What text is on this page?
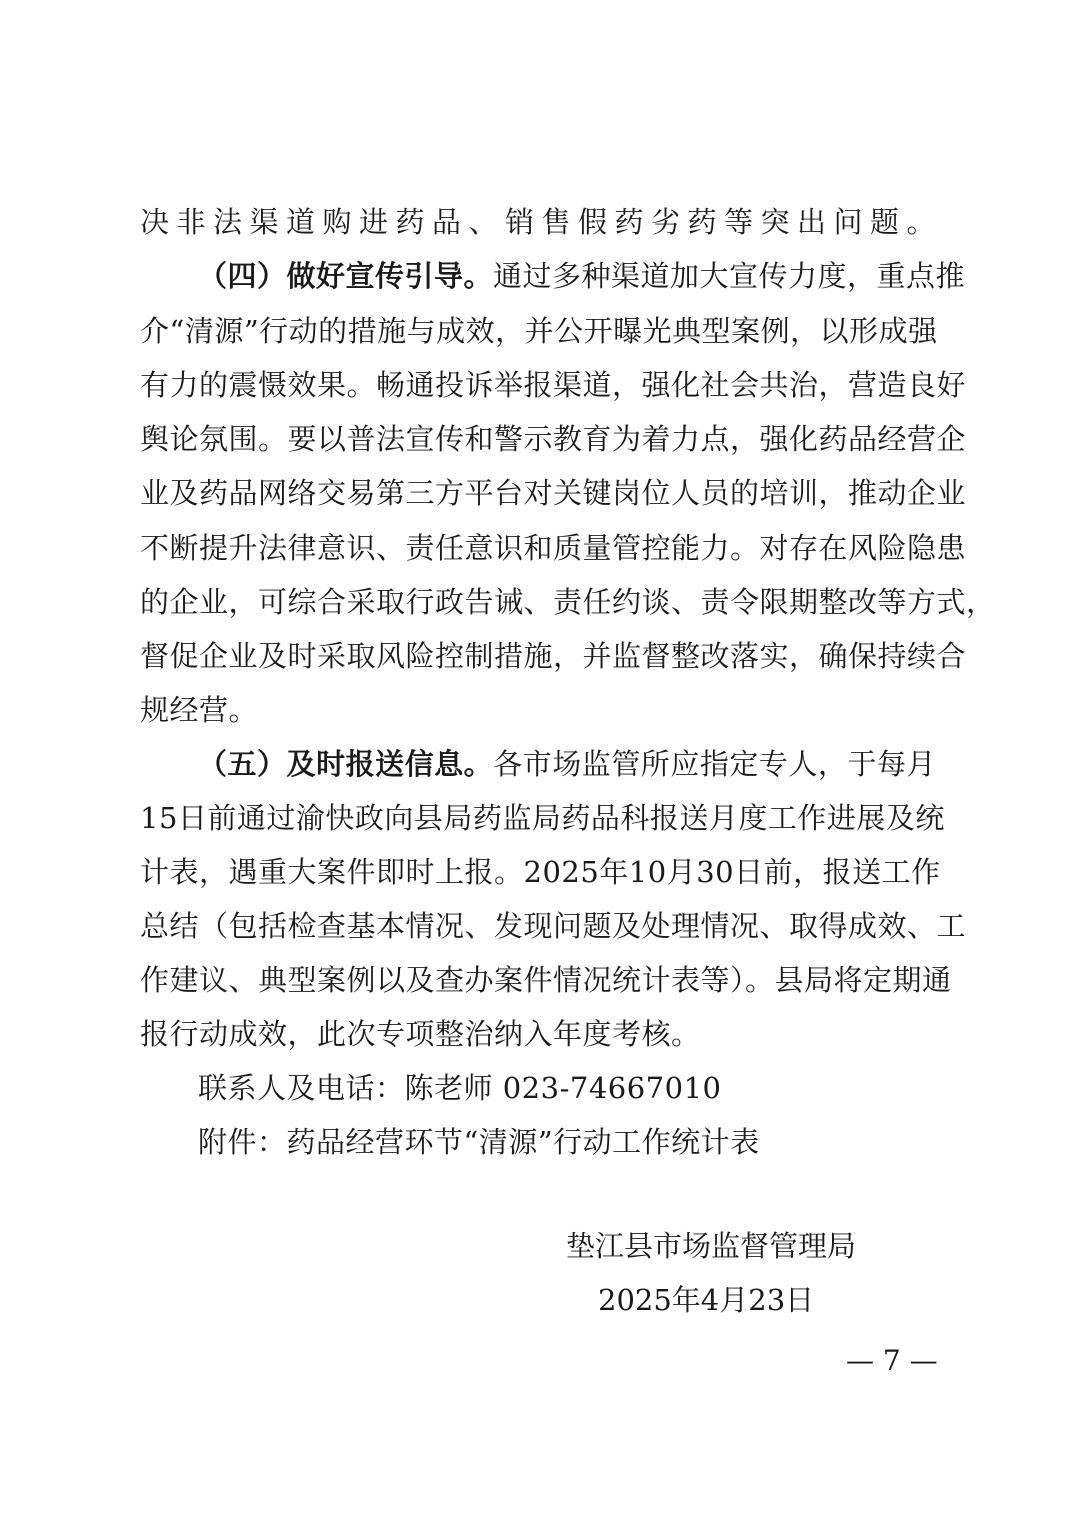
决非法渠道购进药品、销售假药劣药等突出问题。
（四）做好宣传引导。通过多种渠道加大宣传力度，重点推
介“清源”行动的措施与成效，并公开曝光典型案例，以形成强
有力的震慑效果。畅通投诉举报渠道，强化社会共治，营造良好
舆论氛围。要以普法宣传和警示教育为着力点，强化药品经营企
业及药品网络交易第三方平台对关键岗位人员的培训，推动企业
不断提升法律意识、责任意识和质量管控能力。对存在风险隐患
的企业，可综合采取行政告诫、责任约谈、责令限期整改等方式，
督促企业及时采取风险控制措施，并监督整改落实，确保持续合
规经营。
（五）及时报送信息。各市场监管所应指定专人，于每月
15日前通过渝快政向县局药监局药品科报送月度工作进展及统
计表，遇重大案件即时上报。2025年10月30日前，报送工作
总结（包括检查基本情况、发现问题及处理情况、取得成效、工
作建议、典型案例以及查办案件情况统计表等）。县局将定期通
报行动成效，此次专项整治纳入年度考核。
联系人及电话：陈老师 023-74667010
附件：药品经营环节“清源”行动工作统计表
垫江县市场监督管理局
2025年4月23日
— 7 —
